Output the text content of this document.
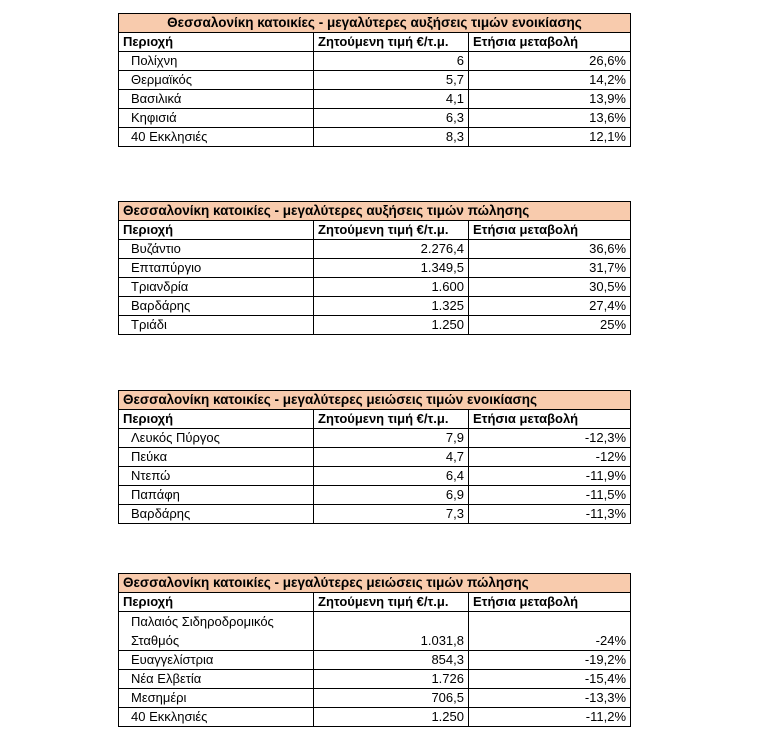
Θεσσαλονίκη κατοικίες - μεγαλύτερες αυξήσεις τιμών ενοικίασης		
Περιοχή	Ζητούμενη τιμή €/τ.μ.	Ετήσια μεταβολή
Πολίχνη	6	26,6%
Θερμαϊκός	5,7	14,2%
Βασιλικά	4,1	13,9%
Κηφισιά	6,3	13,6%
40 Εκκλησιές	8,3	12,1%
Θεσσαλονίκη κατοικίες - μεγαλύτερες αυξήσεις τιμών πώλησης		
Περιοχή	Ζητούμενη τιμή €/τ.μ.	Ετήσια μεταβολή
Βυζάντιο	2.276,4	36,6%
Επταπύργιο	1.349,5	31,7%
Τριανδρία	1.600	30,5%
Βαρδάρης	1.325	27,4%
Τριάδι	1.250	25%
Θεσσαλονίκη κατοικίες - μεγαλύτερες μειώσεις τιμών ενοικίασης		
Περιοχή	Ζητούμενη τιμή €/τ.μ.	Ετήσια μεταβολή
Λευκός Πύργος	7,9	-12,3%
Πεύκα	4,7	-12%
Ντεπώ	6,4	-11,9%
Παπάφη	6,9	-11,5%
Βαρδάρης	7,3	-11,3%
Θεσσαλονίκη κατοικίες - μεγαλύτερες μειώσεις τιμών πώλησης		
Περιοχή	Ζητούμενη τιμή €/τ.μ.	Ετήσια μεταβολή
Παλαιός Σιδηροδρομικός Σταθμός	1.031,8	-24%
Ευαγγελίστρια	854,3	-19,2%
Νέα Ελβετία	1.726	-15,4%
Μεσημέρι	706,5	-13,3%
40 Εκκλησιές	1.250	-11,2%
